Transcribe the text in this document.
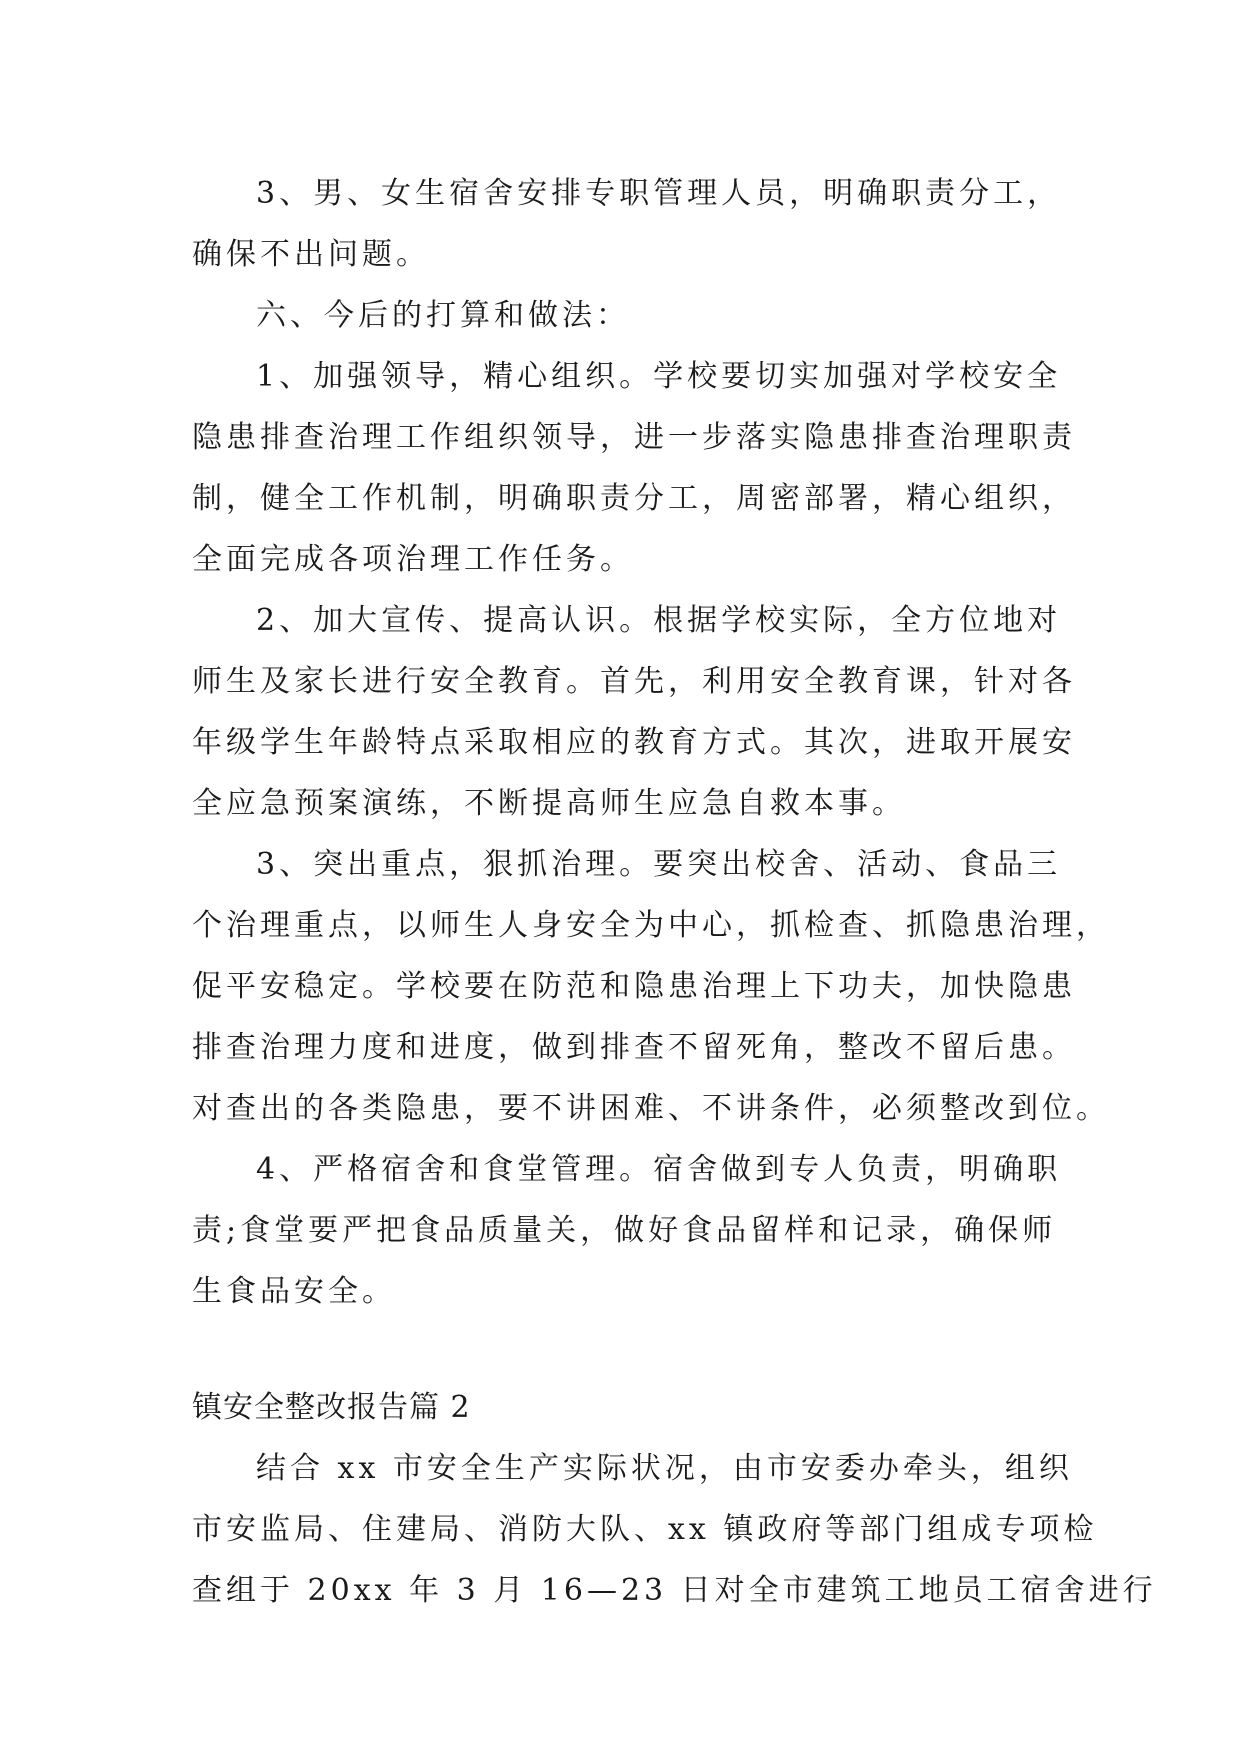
3、男、女生宿舍安排专职管理人员，明确职责分工，
确保不出问题。
六、今后的打算和做法：
1、加强领导，精心组织。学校要切实加强对学校安全
隐患排查治理工作组织领导，进一步落实隐患排查治理职责
制，健全工作机制，明确职责分工，周密部署，精心组织，
全面完成各项治理工作任务。
2、加大宣传、提高认识。根据学校实际，全方位地对
师生及家长进行安全教育。首先，利用安全教育课，针对各
年级学生年龄特点采取相应的教育方式。其次，进取开展安
全应急预案演练，不断提高师生应急自救本事。
3、突出重点，狠抓治理。要突出校舍、活动、食品三
个治理重点，以师生人身安全为中心，抓检查、抓隐患治理，
促平安稳定。学校要在防范和隐患治理上下功夫，加快隐患
排查治理力度和进度，做到排查不留死角，整改不留后患。
对查出的各类隐患，要不讲困难、不讲条件，必须整改到位。
4、严格宿舍和食堂管理。宿舍做到专人负责，明确职
责;食堂要严把食品质量关，做好食品留样和记录，确保师
生食品安全。
镇安全整改报告篇 2
结合 xx 市安全生产实际状况，由市安委办牵头，组织
市安监局、住建局、消防大队、xx 镇政府等部门组成专项检
查组于 20xx 年 3 月 16—23 日对全市建筑工地员工宿舍进行
